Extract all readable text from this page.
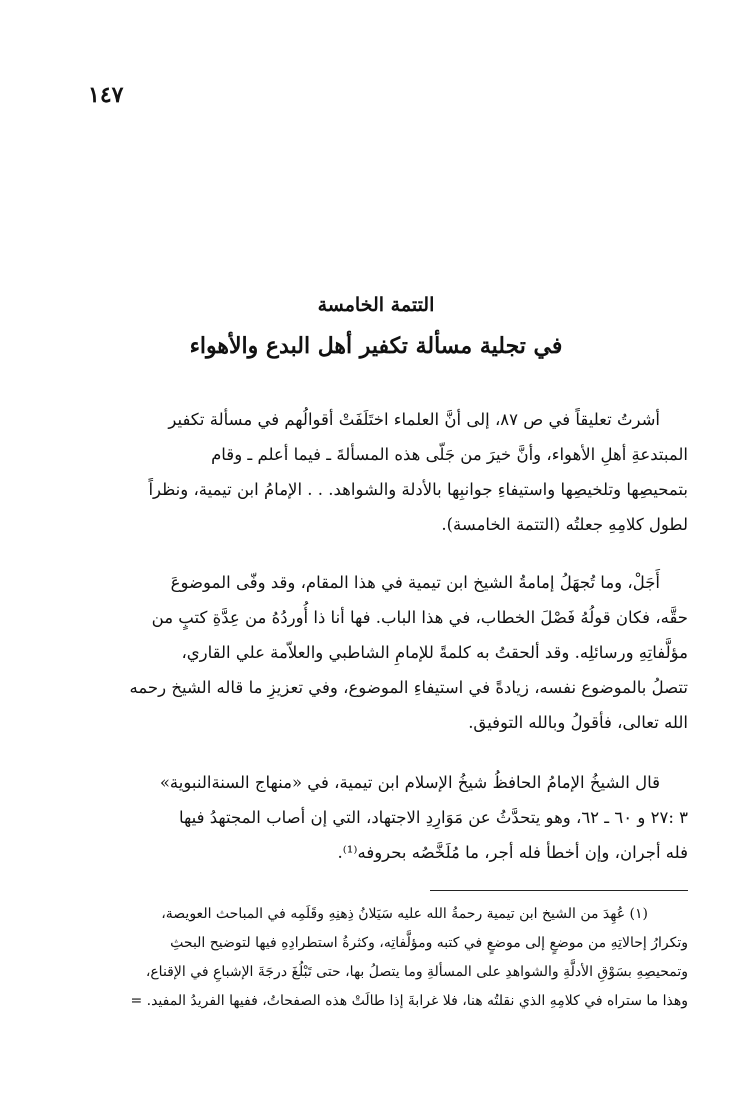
١٤٧
التتمة الخامسة
في تجلية مسألة تكفير أهل البدع والأهواء
أشرتُ تعليقاً في ص ٨٧، إلى أنَّ العلماء اختَلَفَتْ أقوالُهم في مسألة تكفير
المبتدعةِ أهلِ الأهواء، وأنَّ خيرَ من جَلّى هذه المسألةَ ـ فيما أعلم ـ وقام
بتمحيصِها وتلخيصِها واستيفاءِ جوانبِها بالأدلة والشواهد. . . الإمامُ ابن تيمية، ونظراً
لطول كلامِهِ جعلتُه (التتمة الخامسة).
أَجَلْ، وما تُجهَلُ إمامةُ الشيخ ابن تيمية في هذا المقام، وقد وفّى الموضوعَ
حقَّه، فكان قولُهُ فَصْلَ الخطاب، في هذا الباب. فها أنا ذا أُوردُهُ من عِدَّةِ كتبٍ من
مؤلَّفاتِهِ ورسائلِه. وقد ألحقتُ به كلمةً للإمامِ الشاطبي والعلاّمة علي القاري،
تتصلُ بالموضوع نفسه، زيادةً في استيفاءِ الموضوع، وفي تعزيزِ ما قاله الشيخ رحمه
الله تعالى، فأقولُ وبالله التوفيق.
قال الشيخُ الإمامُ الحافظُ شيخُ الإسلام ابن تيمية، في «منهاج السنةالنبوية»
٣ :٢٧ و ٦٠ ـ ٦٢، وهو يتحدَّثُ عن مَوَارِدِ الاجتهاد، التي إن أصاب المجتهدُ فيها
فله أجران، وإن أخطأ فله أجر، ما مُلَخَّصُه بحروفه⁽¹⁾.
(١) عُهِدَ من الشيخ ابن تيمية رحمةُ الله عليه سَيَلانُ ذِهنِهِ وقَلَمِه في المباحث العويصة،
وتكرارُ إحالاتِهِ من موضعٍ إلى موضعٍ في كتبه ومؤلَّفاتِه، وكثرةُ استطرادِهِ فيها لتوضيح البحثِ
وتمحيصِهِ بسَوْقِ الأدلَّةِ والشواهدِ على المسألةِ وما يتصلُ بها، حتى تَبْلُغَ درجَةَ الإشباعِ في الإقناع،
وهذا ما ستراه في كلامِهِ الذي نقلتُه هنا، فلا غرابةَ إذا طالَتْ هذه الصفحاتُ، ففيها الفريدُ المفيد. =
